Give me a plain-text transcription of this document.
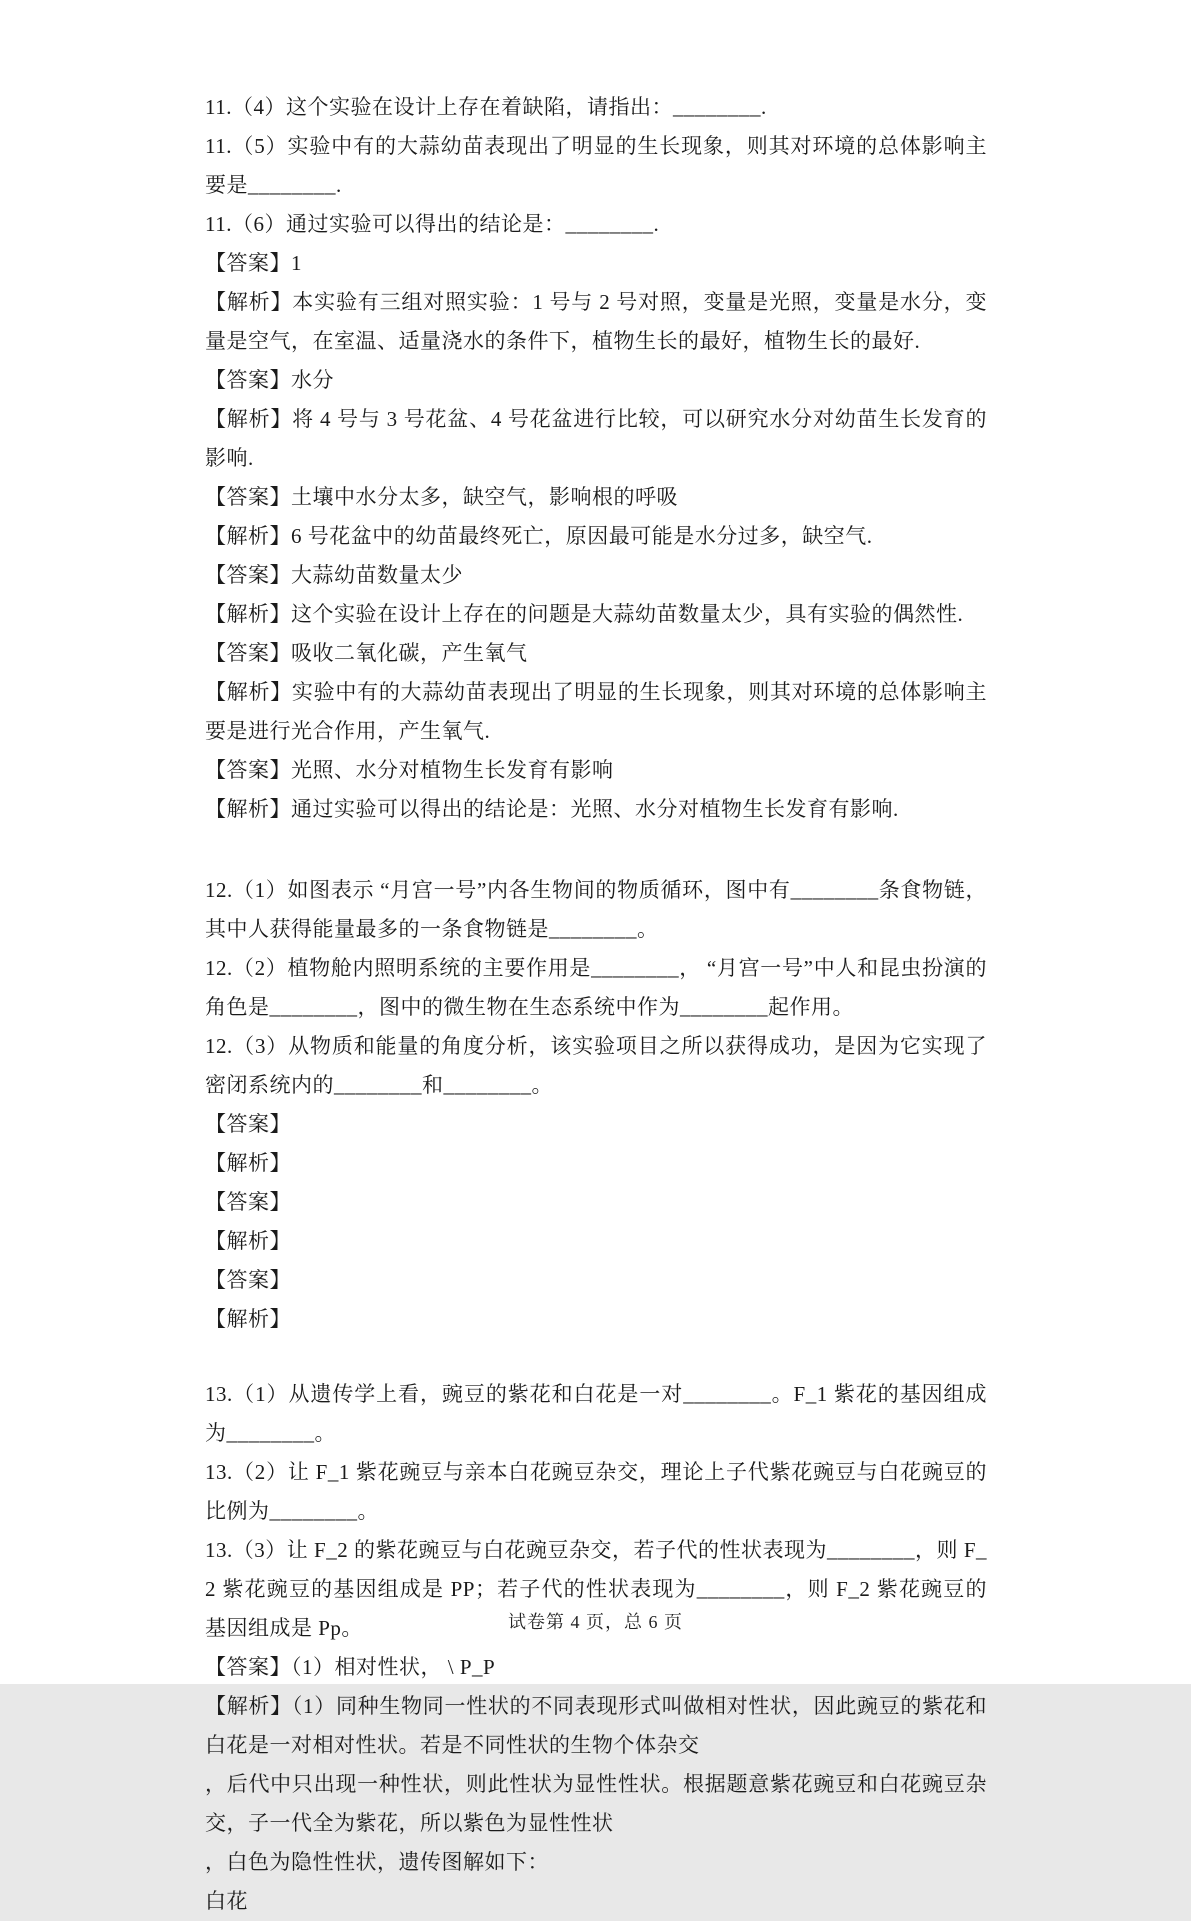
11.（4）这个实验在设计上存在着缺陷，请指出：________.
11.（5）实验中有的大蒜幼苗表现出了明显的生长现象，则其对环境的总体影响主要是________.
11.（6）通过实验可以得出的结论是：________.
【答案】1
【解析】本实验有三组对照实验：1 号与 2 号对照，变量是光照，变量是水分，变量是空气，在室温、适量浇水的条件下，植物生长的最好，植物生长的最好.
【答案】水分
【解析】将 4 号与 3 号花盆、4 号花盆进行比较，可以研究水分对幼苗生长发育的影响.
【答案】土壤中水分太多，缺空气，影响根的呼吸
【解析】6 号花盆中的幼苗最终死亡，原因最可能是水分过多，缺空气.
【答案】大蒜幼苗数量太少
【解析】这个实验在设计上存在的问题是大蒜幼苗数量太少，具有实验的偶然性.
【答案】吸收二氧化碳，产生氧气
【解析】实验中有的大蒜幼苗表现出了明显的生长现象，则其对环境的总体影响主要是进行光合作用，产生氧气.
【答案】光照、水分对植物生长发育有影响
【解析】通过实验可以得出的结论是：光照、水分对植物生长发育有影响.
12.（1）如图表示 “月宫一号”内各生物间的物质循环，图中有________条食物链，其中人获得能量最多的一条食物链是________。
12.（2）植物舱内照明系统的主要作用是________， “月宫一号”中人和昆虫扮演的角色是________，图中的微生物在生态系统中作为________起作用。
12.（3）从物质和能量的角度分析，该实验项目之所以获得成功，是因为它实现了密闭系统内的________和________。
【答案】
【解析】
【答案】
【解析】
【答案】
【解析】
13.（1）从遗传学上看，豌豆的紫花和白花是一对________。F_1 紫花的基因组成为________。
13.（2）让 F_1 紫花豌豆与亲本白花豌豆杂交，理论上子代紫花豌豆与白花豌豆的比例为________。
13.（3）让 F_2 的紫花豌豆与白花豌豆杂交，若子代的性状表现为________，则 F_2 紫花豌豆的基因组成是 PP；若子代的性状表现为________，则 F_2 紫花豌豆的基因组成是 Pp。
【答案】（1）相对性状， \ P_P
【解析】（1）同种生物同一性状的不同表现形式叫做相对性状，因此豌豆的紫花和白花是一对相对性状。若是不同性状的生物个体杂交
，后代中只出现一种性状，则此性状为显性性状。根据题意紫花豌豆和白花豌豆杂交，子一代全为紫花，所以紫色为显性性状
，白色为隐性性状，遗传图解如下：
白花
试卷第 4 页，总 6 页
